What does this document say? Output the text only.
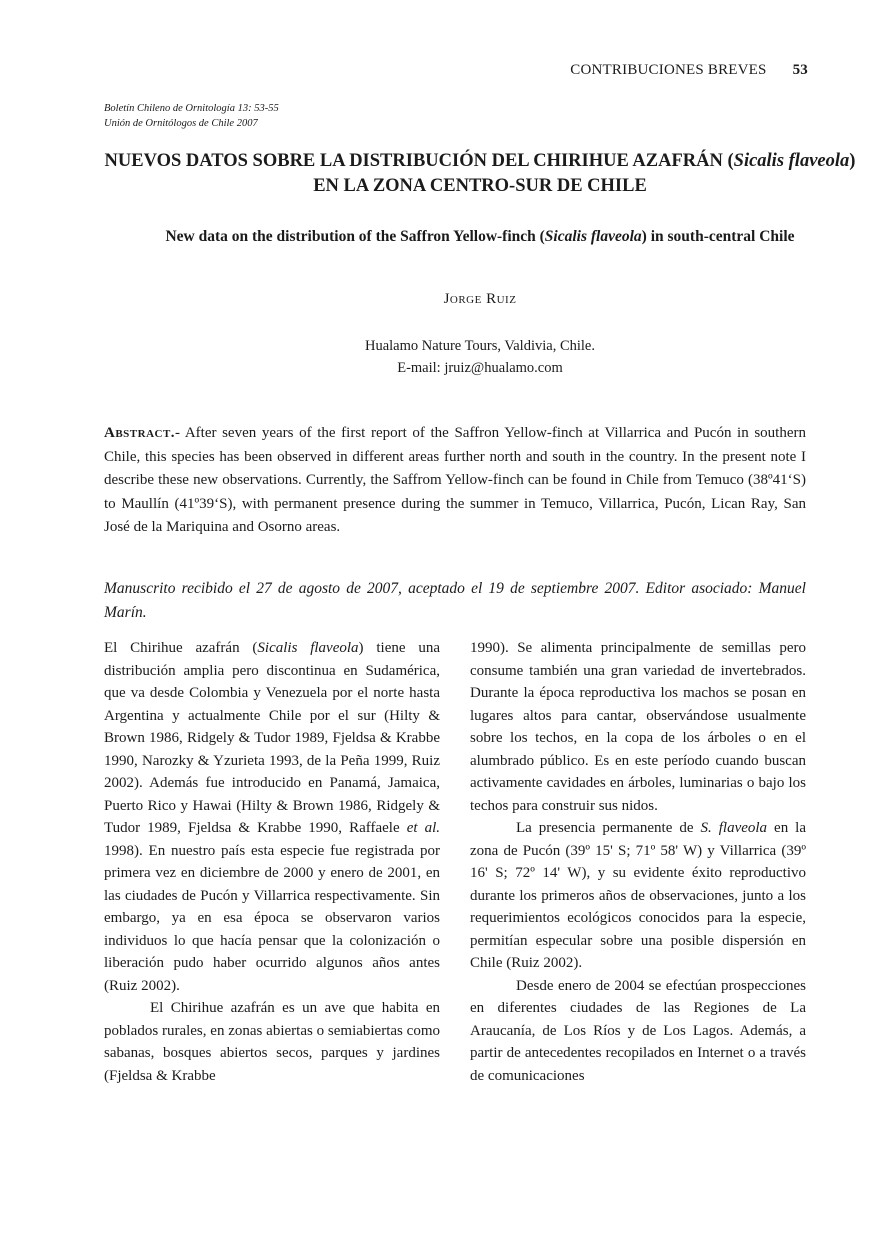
CONTRIBUCIONES BREVES 53
Boletín Chileno de Ornitología 13: 53-55
Unión de Ornitólogos de Chile 2007
NUEVOS DATOS SOBRE LA DISTRIBUCIÓN DEL CHIRIHUE AZAFRÁN (Sicalis flaveola) EN LA ZONA CENTRO-SUR DE CHILE
New data on the distribution of the Saffron Yellow-finch (Sicalis flaveola) in south-central Chile
Jorge Ruiz
Hualamo Nature Tours, Valdivia, Chile.
E-mail: jruiz@hualamo.com
Abstract.- After seven years of the first report of the Saffron Yellow-finch at Villarrica and Pucón in southern Chile, this species has been observed in different areas further north and south in the country. In the present note I describe these new observations. Currently, the Saffrom Yellow-finch can be found in Chile from Temuco (38º41‘S) to Maullín (41º39‘S), with permanent presence during the summer in Temuco, Villarrica, Pucón, Lican Ray, San José de la Mariquina and Osorno areas.
Manuscrito recibido el 27 de agosto de 2007, aceptado el 19 de septiembre 2007. Editor asociado: Manuel Marín.

El Chirihue azafrán (Sicalis flaveola) tiene una distribución amplia pero discontinua en Sudamérica, que va desde Colombia y Venezuela por el norte hasta Argentina y actualmente Chile por el sur (Hilty & Brown 1986, Ridgely & Tudor 1989, Fjeldsa & Krabbe 1990, Narozky & Yzurieta 1993, de la Peña 1999, Ruiz 2002). Además fue introducido en Panamá, Jamaica, Puerto Rico y Hawai (Hilty & Brown 1986, Ridgely & Tudor 1989, Fjeldsa & Krabbe 1990, Raffaele et al. 1998). En nuestro país esta especie fue registrada por primera vez en diciembre de 2000 y enero de 2001, en las ciudades de Pucón y Villarrica respectivamente. Sin embargo, ya en esa época se observaron varios individuos lo que hacía pensar que la colonización o liberación pudo haber ocurrido algunos años antes (Ruiz 2002).

El Chirihue azafrán es un ave que habita en poblados rurales, en zonas abiertas o semiabiertas como sabanas, bosques abiertos secos, parques y jardines (Fjeldsa & Krabbe

1990). Se alimenta principalmente de semillas pero consume también una gran variedad de invertebrados. Durante la época reproductiva los machos se posan en lugares altos para cantar, observándose usualmente sobre los techos, en la copa de los árboles o en el alumbrado público. Es en este período cuando buscan activamente cavidades en árboles, luminarias o bajo los techos para construir sus nidos.

La presencia permanente de S. flaveola en la zona de Pucón (39º 15' S; 71º 58' W) y Villarrica (39º 16' S; 72º 14' W), y su evidente éxito reproductivo durante los primeros años de observaciones, junto a los requerimientos ecológicos conocidos para la especie, permitían especular sobre una posible dispersión en Chile (Ruiz 2002).

Desde enero de 2004 se efectúan prospecciones en diferentes ciudades de las Regiones de La Araucanía, de Los Ríos y de Los Lagos. Además, a partir de antecedentes recopilados en Internet o a través de comunicaciones
